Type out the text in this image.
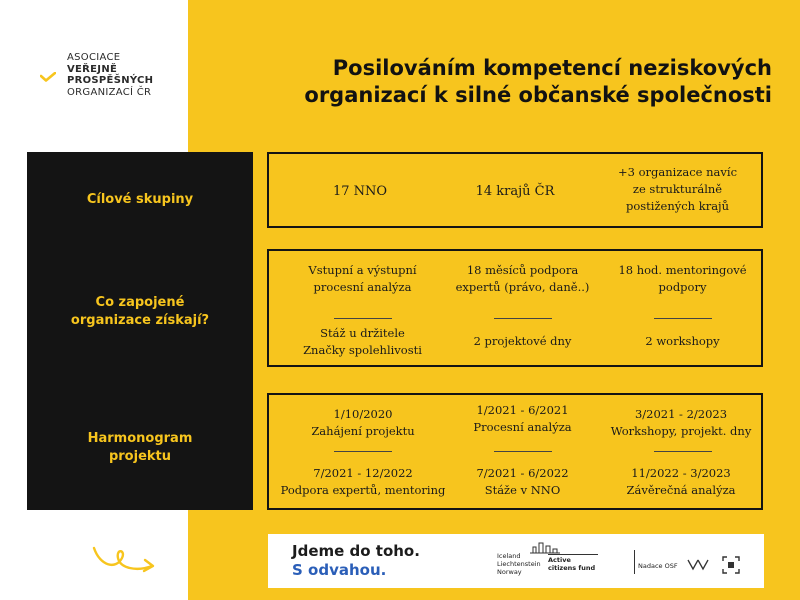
ASOCIACE
VEŘEJNĚ
PROSPĚŠNÝCH
ORGANIZACÍ ČR
Posilováním kompetencí neziskových
organizací k silné občanské společnosti
Cílové skupiny
Co zapojené
organizace získají?
Harmonogram
projektu
17 NNO	14 krajů ČR
+3 organizace navíc
ze strukturálně
postižených krajů
Vstupní a výstupní
procesní analýza
Stáž u držitele
Značky spolehlivosti
18 měsíců podpora
expertů (právo, daně..)
2 projektové dny
18 hod. mentoringové
podpory
2 workshopy
1/10/2020
Zahájení projektu
7/2021 - 12/2022
Podpora expertů, mentoring
1/2021 - 6/2021
Procesní analýza
7/2021 - 6/2022
Stáže v NNO
3/2021 - 2/2023
Workshopy, projekt. dny
11/2022 - 3/2023
Závěrečná analýza
Jdeme do toho.
S odvahou.
Iceland
Liechtenstein
Norway
Active
citizens fund	Nadace OSF
